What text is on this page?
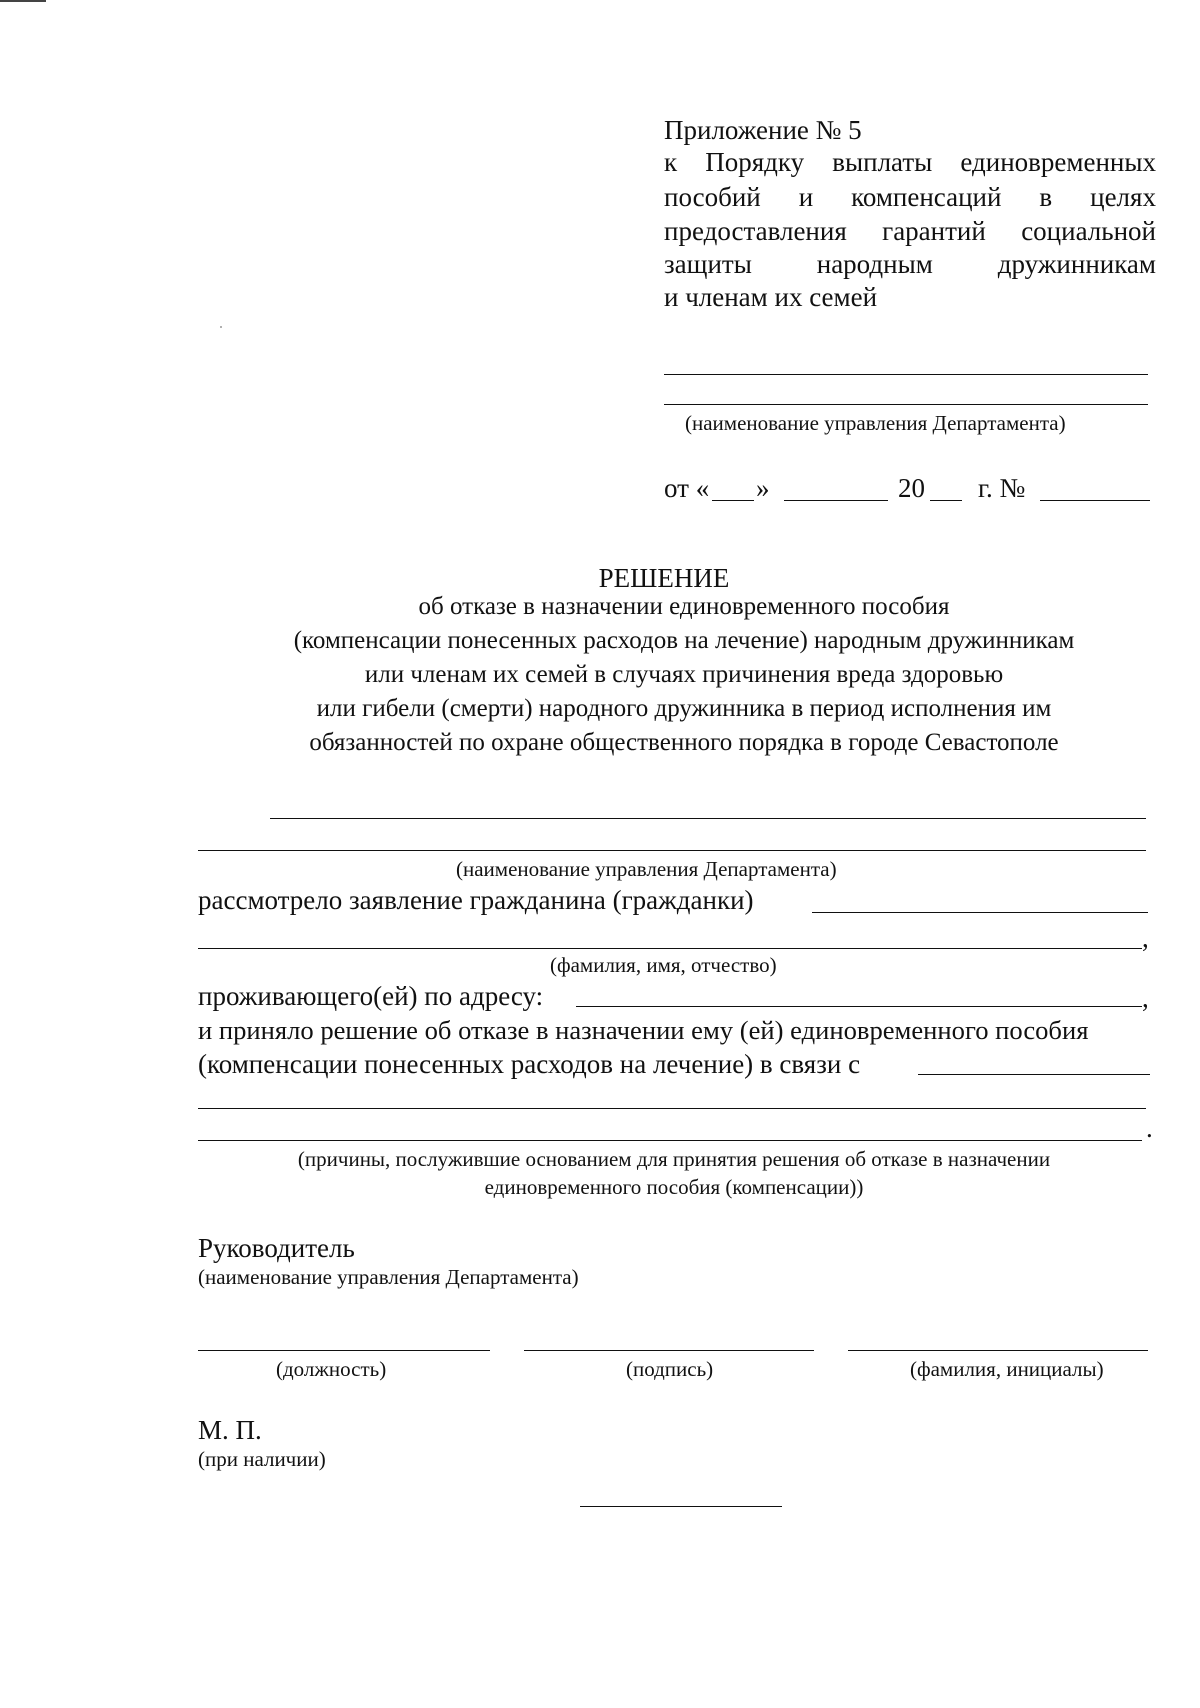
Приложение № 5
к Порядку выплаты единовременных
пособий и компенсаций в целях
предоставления гарантий социальной
защиты народным дружинникам
и членам их семей
(наименование управления Департамента)
от « »	20 г. №
РЕШЕНИЕ
об отказе в назначении единовременного пособия
(компенсации понесенных расходов на лечение) народным дружинникам
или членам их семей в случаях причинения вреда здоровью
или гибели (смерти) народного дружинника в период исполнения им
обязанностей по охране общественного порядка в городе Севастополе
(наименование управления Департамента)
рассмотрело заявление гражданина (гражданки)
,
(фамилия, имя, отчество)
проживающего(ей) по адресу:	,
и приняло решение об отказе в назначении ему (ей) единовременного пособия
(компенсации понесенных расходов на лечение) в связи с
.
(причины, послужившие основанием для принятия решения об отказе в назначении
единовременного пособия (компенсации))
Руководитель
(наименование управления Департамента)
(должность)	(подпись)	(фамилия, инициалы)
М. П.
(при наличии)
